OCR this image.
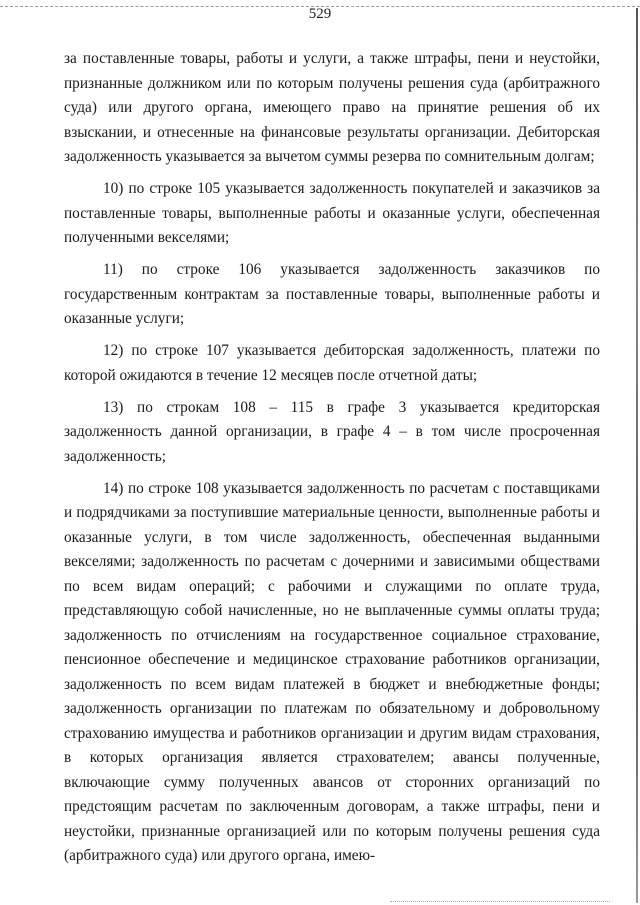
529

за поставленные товары, работы и услуги, а также штрафы, пени и неустойки, признанные должником или по которым получены решения суда (арбитражного суда) или другого органа, имеющего право на принятие решения об их взыскании, и отнесенные на финансовые результаты организации. Дебиторская задолженность указывается за вычетом суммы резерва по сомнительным долгам;

10) по строке 105 указывается задолженность покупателей и заказчиков за поставленные товары, выполненные работы и оказанные услуги, обеспеченная полученными векселями;

11) по строке 106 указывается задолженность заказчиков по государственным контрактам за поставленные товары, выполненные работы и оказанные услуги;

12) по строке 107 указывается дебиторская задолженность, платежи по которой ожидаются в течение 12 месяцев после отчетной даты;

13) по строкам 108 – 115 в графе 3 указывается кредиторская задолженность данной организации, в графе 4 – в том числе просроченная задолженность;

14) по строке 108 указывается задолженность по расчетам с поставщиками и подрядчиками за поступившие материальные ценности, выполненные работы и оказанные услуги, в том числе задолженность, обеспеченная выданными векселями; задолженность по расчетам с дочерними и зависимыми обществами по всем видам операций; с рабочими и служащими по оплате труда, представляющую собой начисленные, но не выплаченные суммы оплаты труда; задолженность по отчислениям на государственное социальное страхование, пенсионное обеспечение и медицинское страхование работников организации, задолженность по всем видам платежей в бюджет и внебюджетные фонды; задолженность организации по платежам по обязательному и добровольному страхованию имущества и работников организации и другим видам страхования, в которых организация является страхователем; авансы полученные, включающие сумму полученных авансов от сторонних организаций по предстоящим расчетам по заключенным договорам, а также штрафы, пени и неустойки, признанные организацией или по которым получены решения суда (арбитражного суда) или другого органа, имею-
